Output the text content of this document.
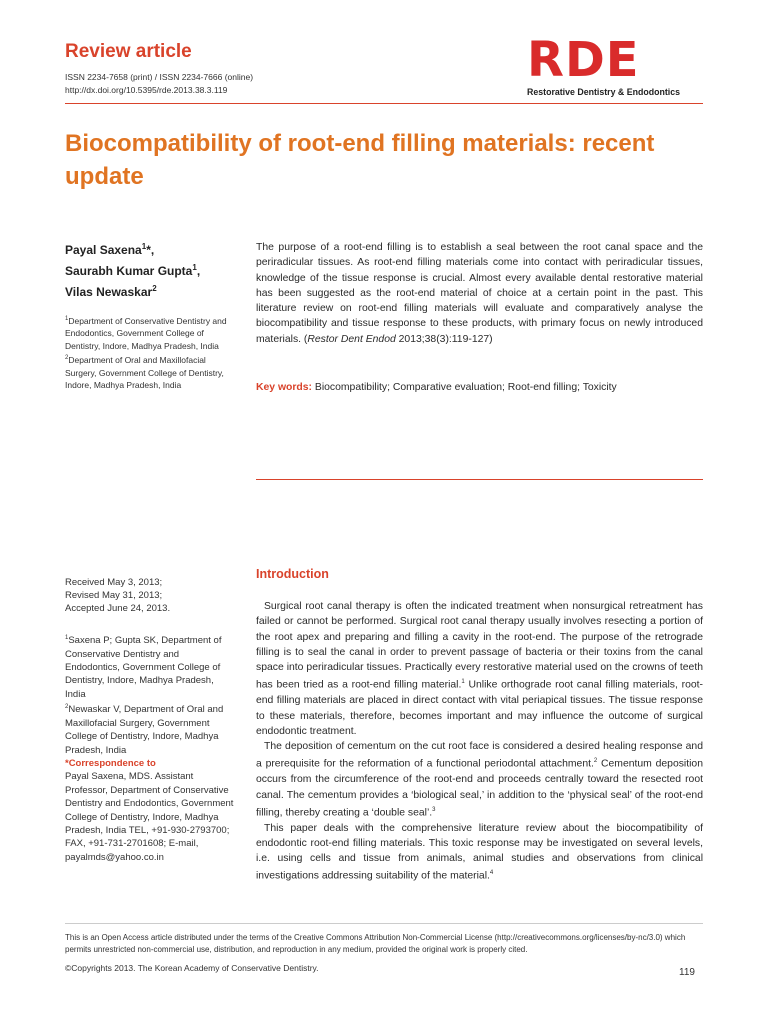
Review article
ISSN 2234-7658 (print) / ISSN 2234-7666 (online)
http://dx.doi.org/10.5395/rde.2013.38.3.119
RDE
Restorative Dentistry & Endodontics
Biocompatibility of root-end filling materials: recent update
Payal Saxena$^1$*,
Saurabh Kumar Gupta$^1$,
Vilas Newaskar$^2$
$^1$Department of Conservative Dentistry and Endodontics, Government College of Dentistry, Indore, Madhya Pradesh, India
$^2$Department of Oral and Maxillofacial Surgery, Government College of Dentistry, Indore, Madhya Pradesh, India
The purpose of a root-end filling is to establish a seal between the root canal space and the periradicular tissues. As root-end filling materials come into contact with periradicular tissues, knowledge of the tissue response is crucial. Almost every available dental restorative material has been suggested as the root-end material of choice at a certain point in the past. This literature review on root-end filling materials will evaluate and comparatively analyse the biocompatibility and tissue response to these products, with primary focus on newly introduced materials. (Restor Dent Endod 2013;38(3):119-127)
Key words: Biocompatibility; Comparative evaluation; Root-end filling; Toxicity
Received May 3, 2013;
Revised May 31, 2013;
Accepted June 24, 2013.
$^1$Saxena P; Gupta SK, Department of Conservative Dentistry and Endodontics, Government College of Dentistry, Indore, Madhya Pradesh, India
$^2$Newaskar V, Department of Oral and Maxillofacial Surgery, Government College of Dentistry, Indore, Madhya Pradesh, India
*Correspondence to
Payal Saxena, MDS. Assistant Professor, Department of Conservative Dentistry and Endodontics, Government College of Dentistry, Indore, Madhya Pradesh, India TEL, +91-930-2793700; FAX, +91-731-2701608; E-mail, payalmds@yahoo.co.in
Introduction

Surgical root canal therapy is often the indicated treatment when nonsurgical retreatment has failed or cannot be performed. Surgical root canal therapy usually involves resecting a portion of the root apex and preparing and filling a cavity in the root-end. The purpose of the retrograde filling is to seal the canal in order to prevent passage of bacteria or their toxins from the canal space into periradicular tissues. Practically every restorative material used on the crowns of teeth has been tried as a root-end filling material.$^1$ Unlike orthograde root canal filling materials, root-end filling materials are placed in direct contact with vital periapical tissues. The tissue response to these materials, therefore, becomes important and may influence the outcome of surgical endodontic treatment.

The deposition of cementum on the cut root face is considered a desired healing response and a prerequisite for the reformation of a functional periodontal attachment.$^2$ Cementum deposition occurs from the circumference of the root-end and proceeds centrally toward the resected root canal. The cementum provides a ‘biological seal,’ in addition to the ‘physical seal’ of the root-end filling, thereby creating a ‘double seal’.$^3$

This paper deals with the comprehensive literature review about the biocompatibility of endodontic root-end filling materials. This toxic response may be investigated on several levels, i.e. using cells and tissue from animals, animal studies and observations from clinical investigations addressing suitability of the material.$^4$

This is an Open Access article distributed under the terms of the Creative Commons Attribution Non-Commercial License (http://creativecommons.org/licenses/by-nc/3.0) which permits unrestricted non-commercial use, distribution, and reproduction in any medium, provided the original work is properly cited.
©Copyrights 2013. The Korean Academy of Conservative Dentistry.	119
